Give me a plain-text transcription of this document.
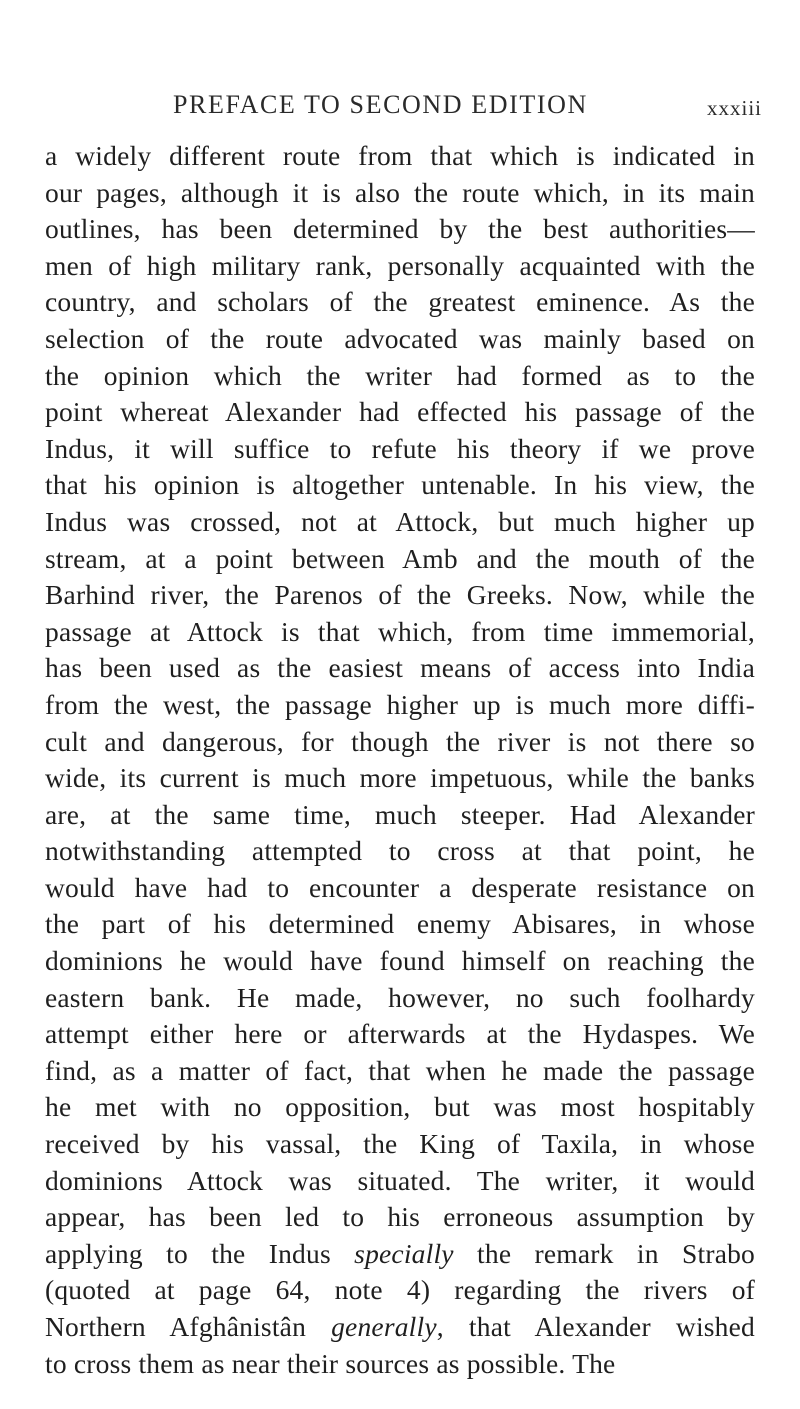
PREFACE TO SECOND EDITION	xxxiii
a widely different route from that which is indicated in
our pages, although it is also the route which, in its main
outlines, has been determined by the best authorities—
men of high military rank, personally acquainted with the
country, and scholars of the greatest eminence. As the
selection of the route advocated was mainly based on
the opinion which the writer had formed as to the
point whereat Alexander had effected his passage of the
Indus, it will suffice to refute his theory if we prove
that his opinion is altogether untenable. In his view, the
Indus was crossed, not at Attock, but much higher up
stream, at a point between Amb and the mouth of the
Barhind river, the Parenos of the Greeks. Now, while the
passage at Attock is that which, from time immemorial,
has been used as the easiest means of access into India
from the west, the passage higher up is much more diffi-
cult and dangerous, for though the river is not there so
wide, its current is much more impetuous, while the banks
are, at the same time, much steeper. Had Alexander
notwithstanding attempted to cross at that point, he
would have had to encounter a desperate resistance on
the part of his determined enemy Abisares, in whose
dominions he would have found himself on reaching the
eastern bank. He made, however, no such foolhardy
attempt either here or afterwards at the Hydaspes. We
find, as a matter of fact, that when he made the passage
he met with no opposition, but was most hospitably
received by his vassal, the King of Taxila, in whose
dominions Attock was situated. The writer, it would
appear, has been led to his erroneous assumption by
applying to the Indus specially the remark in Strabo
(quoted at page 64, note 4) regarding the rivers of
Northern Afghânistân generally, that Alexander wished
to cross them as near their sources as possible. The
